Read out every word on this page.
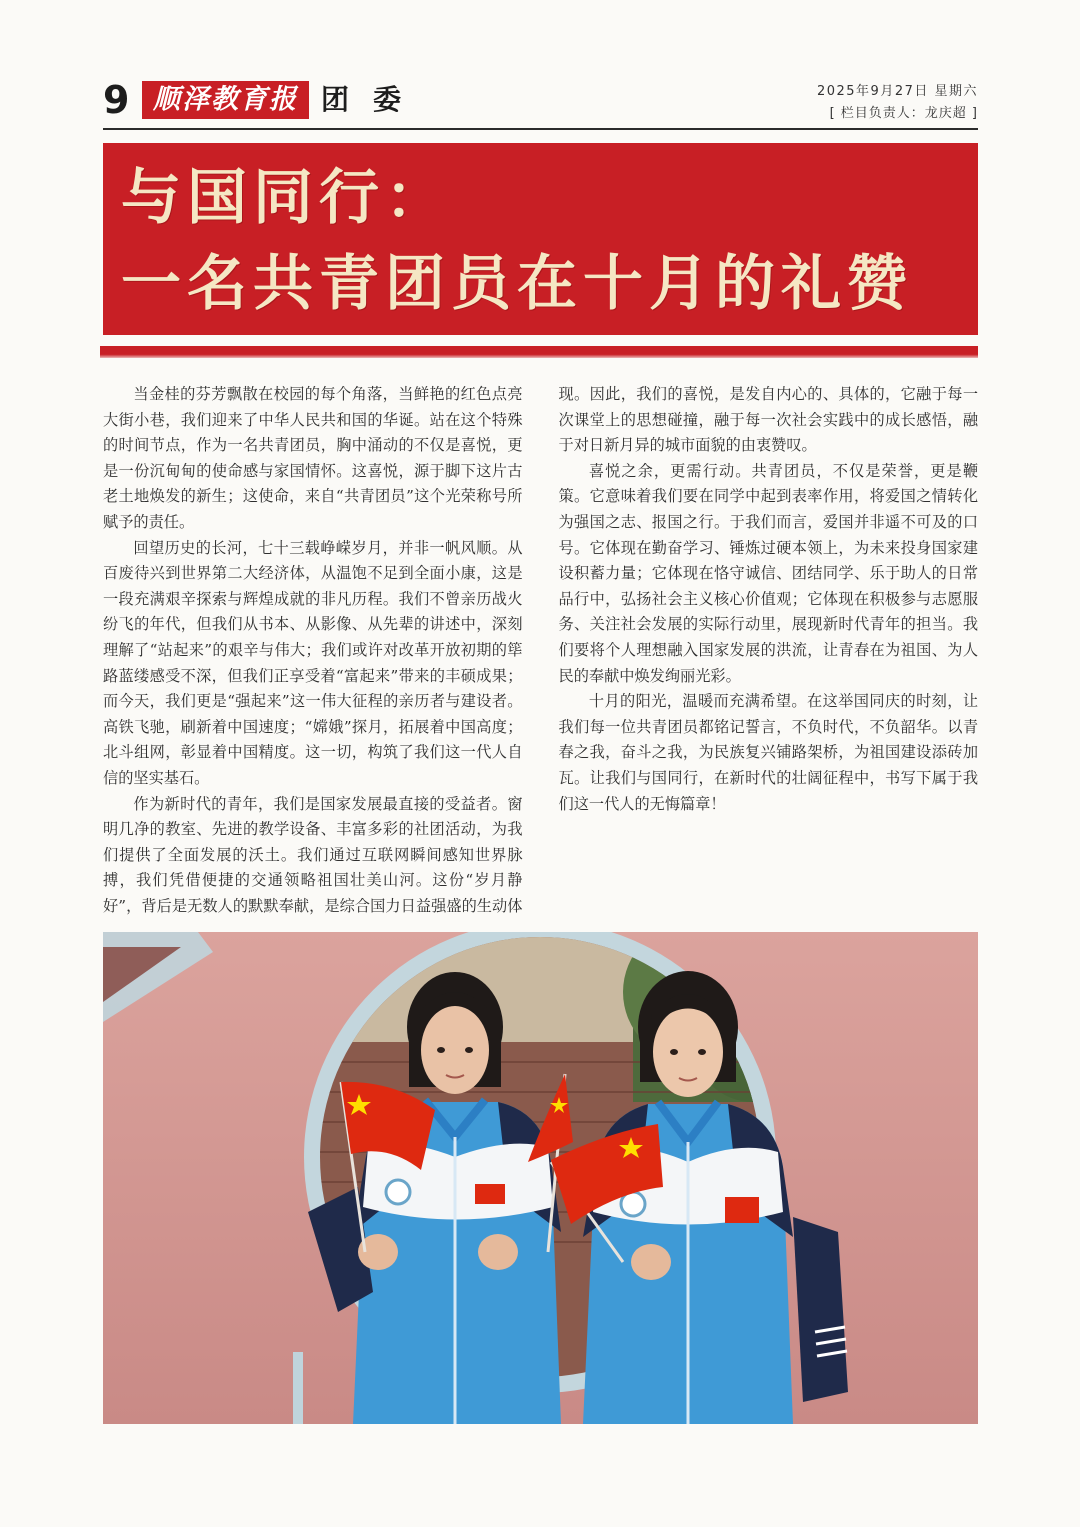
9 顺泽教育报 团委	2025年9月27日 星期六
[ 栏目负责人：龙庆超 ]
与国同行：
一名共青团员在十月的礼赞

当金桂的芬芳飘散在校园的每个角落，当鲜艳的红色点亮大街小巷，我们迎来了中华人民共和国的华诞。站在这个特殊的时间节点，作为一名共青团员，胸中涌动的不仅是喜悦，更是一份沉甸甸的使命感与家国情怀。这喜悦，源于脚下这片古老土地焕发的新生；这使命，来自“共青团员”这个光荣称号所赋予的责任。

回望历史的长河，七十三载峥嵘岁月，并非一帆风顺。从百废待兴到世界第二大经济体，从温饱不足到全面小康，这是一段充满艰辛探索与辉煌成就的非凡历程。我们不曾亲历战火纷飞的年代，但我们从书本、从影像、从先辈的讲述中，深刻理解了“站起来”的艰辛与伟大；我们或许对改革开放初期的筚路蓝缕感受不深，但我们正享受着“富起来”带来的丰硕成果；而今天，我们更是“强起来”这一伟大征程的亲历者与建设者。高铁飞驰，刷新着中国速度；“嫦娥”探月，拓展着中国高度；北斗组网，彰显着中国精度。这一切，构筑了我们这一代人自信的坚实基石。

作为新时代的青年，我们是国家发展最直接的受益者。窗明几净的教室、先进的教学设备、丰富多彩的社团活动，为我们提供了全面发展的沃土。我们通过互联网瞬间感知世界脉搏，我们凭借便捷的交通领略祖国壮美山河。这份“岁月静好”，背后是无数人的默默奉献，是综合国力日益强盛的生动体现。因此，我们的喜悦，是发自内心的、具体的，它融于每一次课堂上的思想碰撞，融于每一次社会实践中的成长感悟，融于对日新月异的城市面貌的由衷赞叹。

喜悦之余，更需行动。共青团员，不仅是荣誉，更是鞭策。它意味着我们要在同学中起到表率作用，将爱国之情转化为强国之志、报国之行。于我们而言，爱国并非遥不可及的口号。它体现在勤奋学习、锤炼过硬本领上，为未来投身国家建设积蓄力量；它体现在恪守诚信、团结同学、乐于助人的日常品行中，弘扬社会主义核心价值观；它体现在积极参与志愿服务、关注社会发展的实际行动里，展现新时代青年的担当。我们要将个人理想融入国家发展的洪流，让青春在为祖国、为人民的奉献中焕发绚丽光彩。

十月的阳光，温暖而充满希望。在这举国同庆的时刻，让我们每一位共青团员都铭记誓言，不负时代，不负韶华。以青春之我，奋斗之我，为民族复兴铺路架桥，为祖国建设添砖加瓦。让我们与国同行，在新时代的壮阔征程中，书写下属于我们这一代人的无悔篇章！
